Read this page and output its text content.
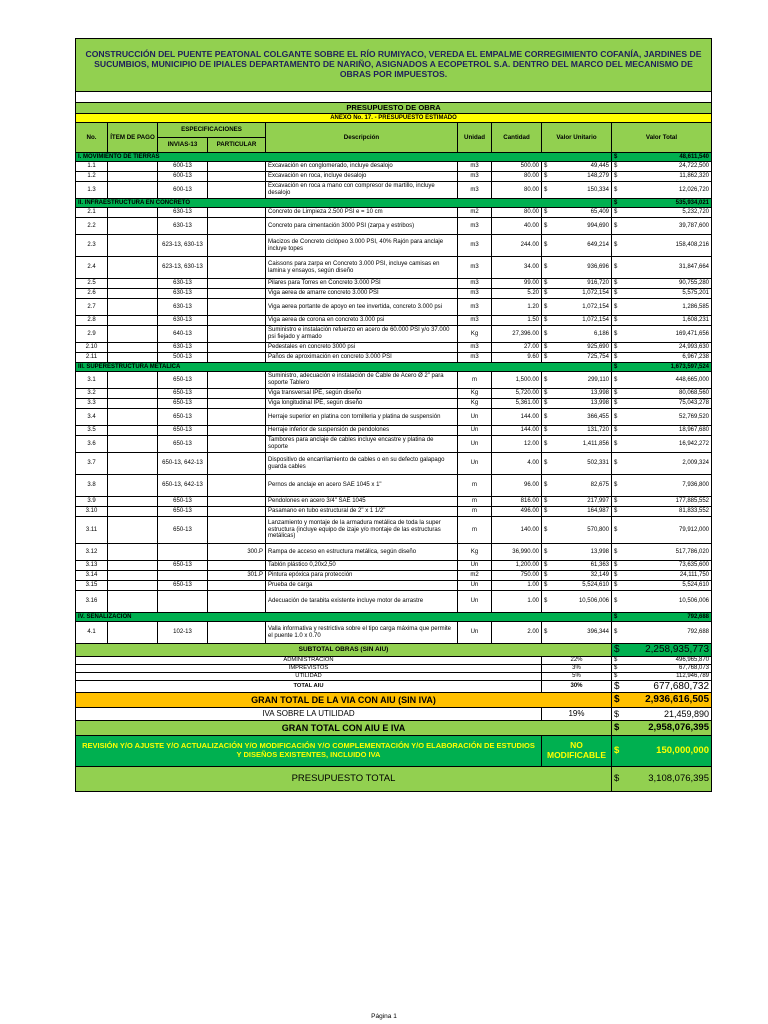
CONSTRUCCIÓN DEL PUENTE PEATONAL COLGANTE SOBRE EL RÍO RUMIYACO, VEREDA EL EMPALME CORREGIMIENTO COFANÍA, JARDINES DE SUCUMBIOS, MUNICIPIO DE IPIALES DEPARTAMENTO DE NARIÑO, ASIGNADOS A ECOPETROL S.A. DENTRO DEL MARCO DEL MECANISMO DE OBRAS POR IMPUESTOS.								

PRESUPUESTO DE OBRA								
ANEXO No. 17. - PRESUPUESTO ESTIMADO								
No.	ÍTEM DE PAGO	ESPECIFICACIONES		Descripción	Unidad	Cantidad	Valor Unitario	Valor Total
		INVIAS-13	PARTICULAR					
I. MOVIMIENTO DE TIERRAS								$ 48,611,540

1.1		600-13		Excavación en conglomerado, incluye desalojo	m3	500.00	$ 49,445	$ 24,722,500

1.2		600-13		Excavación en roca, incluye desalojo	m3	80.00	$ 148,279	$ 11,862,320

1.3		600-13		Excavación en roca a mano con compresor de martillo, incluye desalojo	m3	80.00	$ 150,334	$ 12,026,720

II. INFRAESTRUCTURA EN CONCRETO								$ 535,934,021

2.1		630-13		Concreto de Limpieza 2.500 PSI e = 10 cm	m2	80.00	$ 65,409	$ 5,232,720

2.2		630-13		Concreto para cimentación 3000 PSI (zarpa y estribos)	m3	40.00	$ 994,690	$ 39,787,600

2.3		623-13, 630-13		Macizos de Concreto ciclópeo 3.000 PSI, 40% Rajón para anclaje incluye topes	m3	244.00	$ 649,214	$ 158,408,216

2.4		623-13, 630-13		Caissons para zarpa en Concreto 3.000 PSI, incluye camisas en lamina y ensayos, según diseño	m3	34.00	$ 936,696	$ 31,847,664

2.5		630-13		Pilares para Torres en Concreto 3.000 PSI	m3	99.00	$ 916,720	$ 90,755,280

2.6		630-13		Viga aerea de amarre concreto 3.000 PSI	m3	5.20	$ 1,072,154	$ 5,575,201

2.7		630-13		Viga aerea portante de apoyo en tee invertida, concreto 3.000 psi	m3	1.20	$ 1,072,154	$ 1,286,585

2.8		630-13		Viga aerea de corona en concreto 3.000 psi	m3	1.50	$ 1,072,154	$ 1,608,231

2.9		640-13		Suministro e instalación refuerzo en acero de 60.000 PSI y/o 37.000 psi fiejado y armado	Kg	27,396.00	$ 6,186	$ 169,471,656

2.10		630-13		Pedestales en concreto 3000 psi	m3	27.00	$ 925,690	$ 24,993,630

2.11		500-13		Paños de aproximación en concreto 3.000 PSI	m3	9.60	$ 725,754	$ 6,967,238

III. SUPERESTRUCTURA METALICA								$ 1,673,597,524

3.1		650-13		Suministro, adecuación e instalación de Cable de Acero Ø 2" para soporte Tablero	m	1,500.00	$ 299,110	$ 448,665,000

3.2		650-13		Viga transversal IPE, según diseño	Kg	5,720.00	$ 13,998	$ 80,068,560

3.3		650-13		Viga longitudinal IPE, según diseño	Kg	5,361.00	$ 13,998	$ 75,043,278

3.4		650-13		Herraje superior en platina con tornilleria y platina de suspensión	Un	144.00	$ 366,455	$ 52,769,520

3.5		650-13		Herraje inferior de suspensión de pendolones	Un	144.00	$ 131,720	$ 18,967,680

3.6		650-13		Tambores para anclaje de cables incluye encastre y platina de soporte	Un	12.00	$ 1,411,856	$ 16,942,272

3.7		650-13, 642-13		Dispositivo de encarrilamiento de cables o en su defecto galapago guarda cables	Un	4.00	$ 502,331	$ 2,009,324

3.8		650-13, 642-13		Pernos de anclaje en acero SAE 1045 x 1"	m	96.00	$ 82,675	$ 7,936,800

3.9		650-13		Pendolones en acero 3/4" SAE 1045	m	816.00	$ 217,997	$ 177,885,552

3.10		650-13		Pasamano en tubo estructural de 2" x 1 1/2"	m	496.00	$ 164,987	$ 81,833,552

3.11		650-13		Lanzamiento y montaje de la armadura metálica de toda la super estructura (incluye equipo de izaje y/o montaje de las estructuras metálicas)	m	140.00	$ 570,800	$ 79,912,000

3.12			300.P	Rampa de acceso en estructura metálica, según diseño	Kg	36,990.00	$ 13,998	$ 517,786,020

3.13		650-13		Tablón plástico 0,20x2,50	Un	1,200.00	$ 61,363	$ 73,635,600

3.14			301.P	Pintura epóxica para protección	m2	750.00	$ 32,149	$ 24,111,750

3.15		650-13		Prueba de carga	Un	1.00	$ 5,524,610	$ 5,524,610

3.16				Adecuación de tarabita existente incluye motor de arrastre	Un	1.00	$ 10,506,006	$ 10,506,006

IV. SEÑALIZACION								$ 792,688

4.1		102-13		Valla informativa y restrictiva sobre el tipo carga máxima que permite el puente 1.0 x 0.70	Un	2.00	$ 396,344	$ 792,688

SUBTOTAL OBRAS (SIN AIU)								$ 2,258,935,773

ADMINISTRACIÓN							22%	$ 496,965,870

IMPREVISTOS							3%	$ 67,768,073

UTILIDAD							5%	$ 112,946,789

TOTAL AIU							30%	$ 677,680,732

GRAN TOTAL DE LA VIA CON AIU (SIN IVA)								$ 2,936,616,505

IVA SOBRE LA UTILIDAD							19%	$ 21,459,890

GRAN TOTAL CON AIU E IVA								$ 2,958,076,395

REVISIÓN Y/O AJUSTE Y/O ACTUALIZACIÓN Y/O MODIFICACIÓN Y/O COMPLEMENTACIÓN Y/O ELABORACIÓN DE ESTUDIOS Y DISEÑOS EXISTENTES, INCLUIDO IVA							NO MODIFICABLE	$ 150,000,000

PRESUPUESTO TOTAL								$ 3,108,076,395
Página 1
